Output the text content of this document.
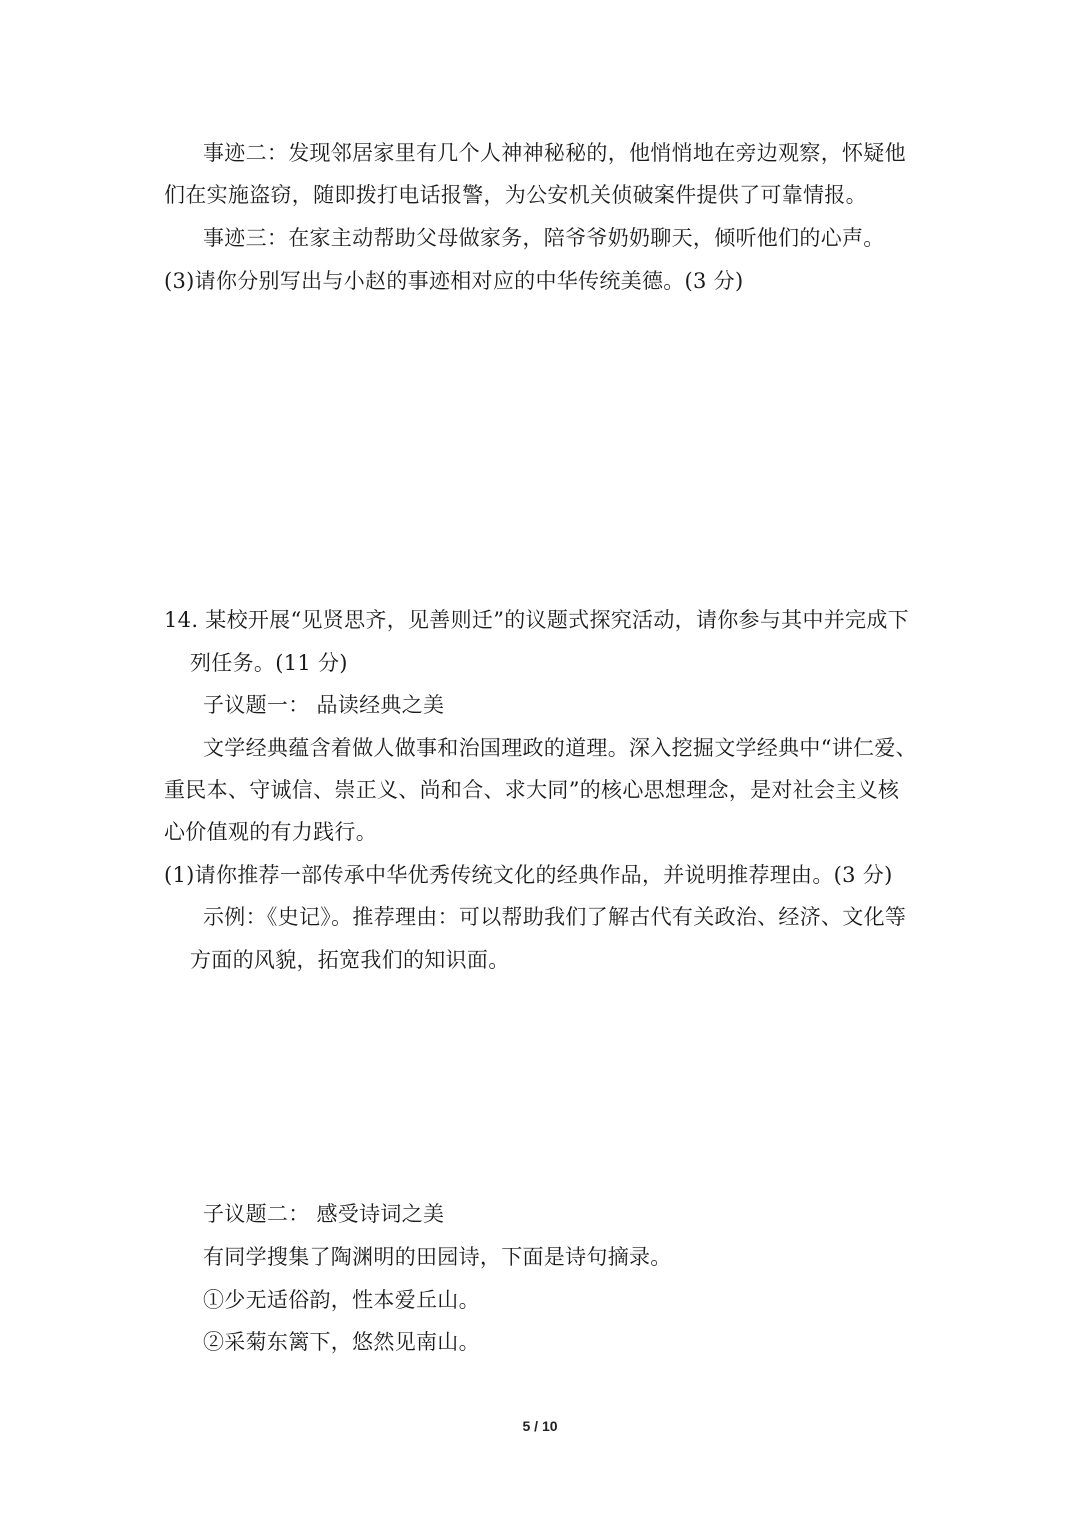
事迹二：发现邻居家里有几个人神神秘秘的，他悄悄地在旁边观察，怀疑他
们在实施盗窃，随即拨打电话报警，为公安机关侦破案件提供了可靠情报。
事迹三：在家主动帮助父母做家务，陪爷爷奶奶聊天，倾听他们的心声。
(3)请你分别写出与小赵的事迹相对应的中华传统美德。(3 分)
14. 某校开展“见贤思齐，见善则迁”的议题式探究活动，请你参与其中并完成下
列任务。(11 分)
子议题一： 品读经典之美
文学经典蕴含着做人做事和治国理政的道理。深入挖掘文学经典中“讲仁爱、
重民本、守诚信、崇正义、尚和合、求大同”的核心思想理念，是对社会主义核
心价值观的有力践行。
(1)请你推荐一部传承中华优秀传统文化的经典作品，并说明推荐理由。(3 分)
示例：《史记》。推荐理由：可以帮助我们了解古代有关政治、经济、文化等
方面的风貌，拓宽我们的知识面。
子议题二： 感受诗词之美
有同学搜集了陶渊明的田园诗，下面是诗句摘录。
①少无适俗韵，性本爱丘山。
②采菊东篱下，悠然见南山。
5 / 10
